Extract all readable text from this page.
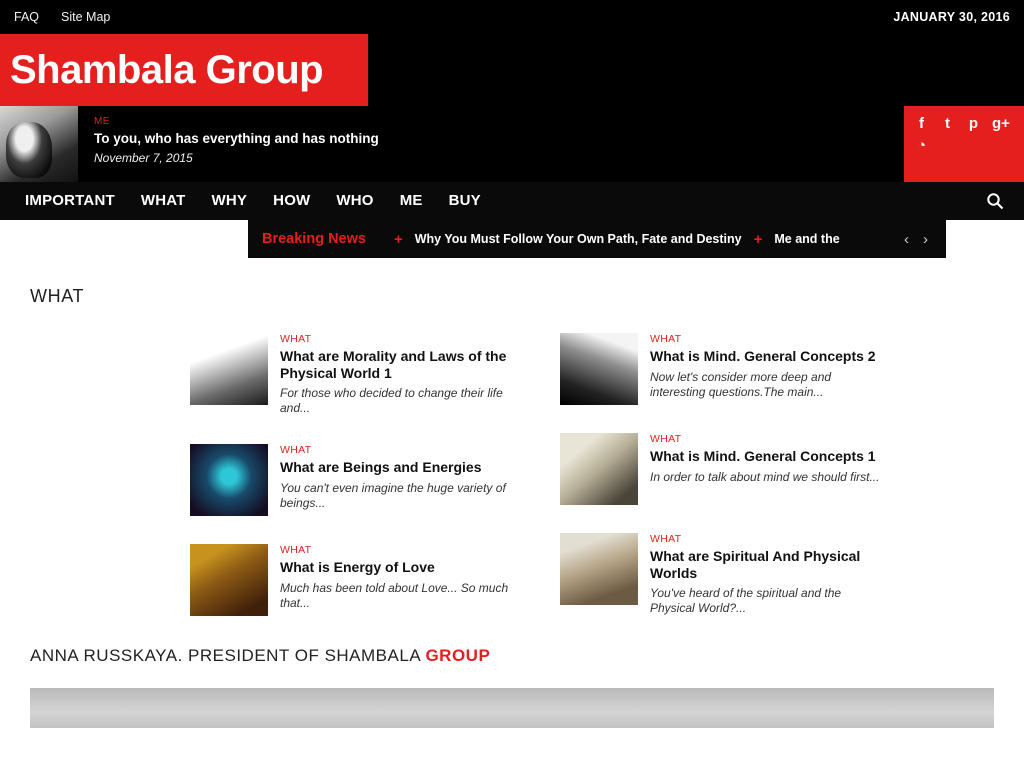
FAQ Site Map	JANUARY 30, 2016
Shambala Group
ME
To you, who has everything and has nothing
November 7, 2015
f	t	p g+
◔
IMPORTANT	WHAT	WHY	HOW	WHO	ME	BUY
Breaking News	+ Why You Must Follow Your Own Path, Fate and Destiny + Me and the	‹ ›
WHAT
WHAT
What are Morality and Laws of the Physical World 1
For those who decided to change their life and...
WHAT
What are Beings and Energies
You can't even imagine the huge variety of beings...
WHAT
What is Energy of Love
Much has been told about Love... So much that...
WHAT
What is Mind. General Concepts 2
Now let's consider more deep and interesting questions.The main...
WHAT
What is Mind. General Concepts 1
In order to talk about mind we should first...
WHAT
What are Spiritual And Physical Worlds
You've heard of the spiritual and the Physical World?...
ANNA RUSSKAYA. PRESIDENT OF SHAMBALA GROUP
